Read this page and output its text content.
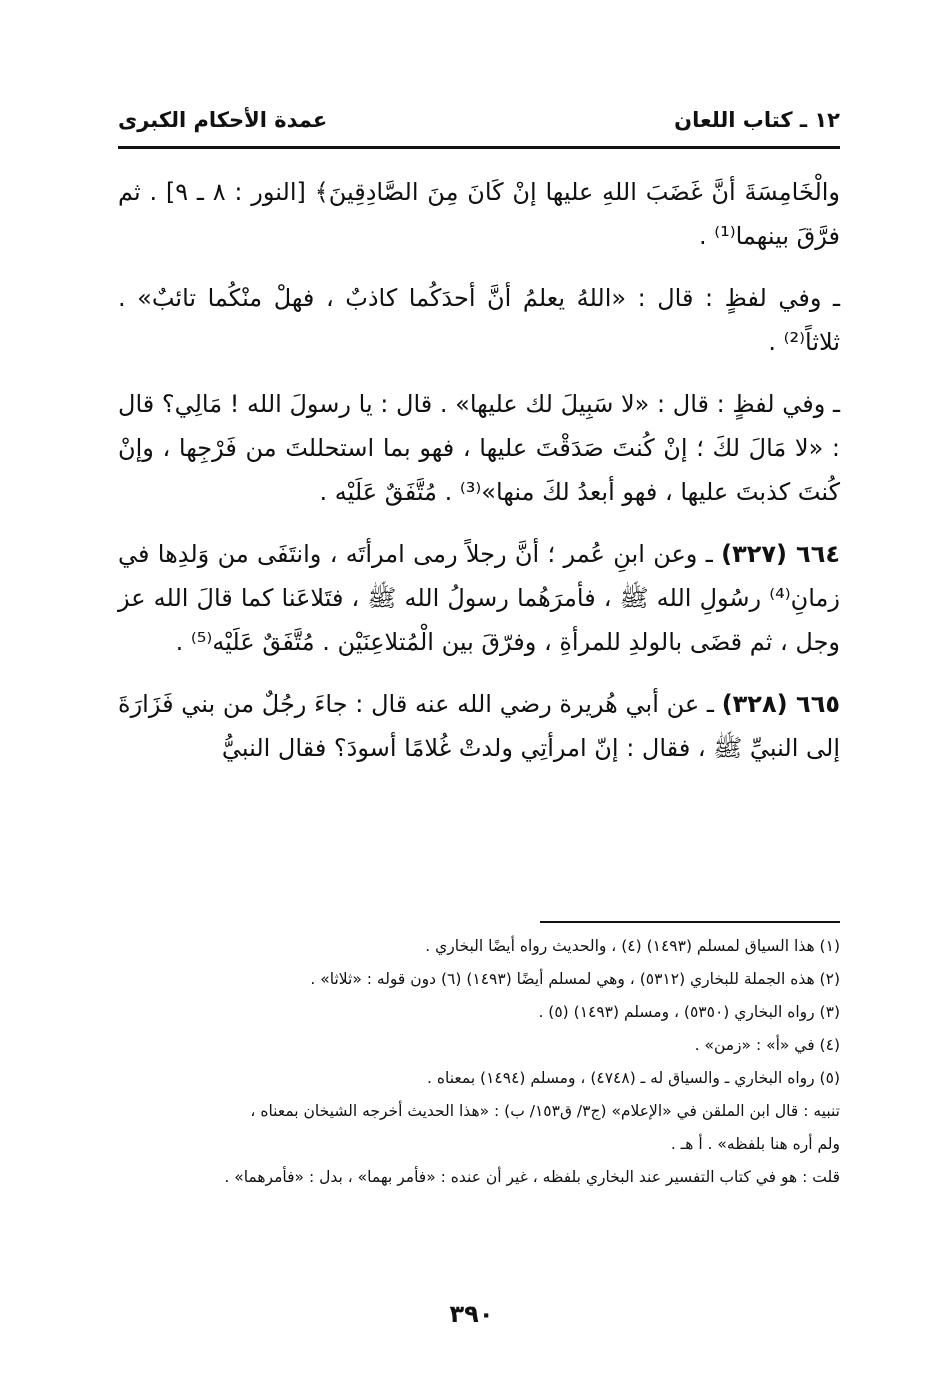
١٢ ـ كتاب اللعان
عمدة الأحكام الكبرى

والْخَامِسَةَ أنَّ غَضَبَ اللهِ عليها إنْ كَانَ مِنَ الصَّادِقِينَ﴾ [النور : ٨ ـ ٩] . ثم فرَّقَ بينهما⁽¹⁾ .

ـ وفي لفظٍ : قال : «اللهُ يعلمُ أنَّ أحدَكُما كاذبٌ ، فهلْ منْكُما تائبٌ» . ثلاثاً⁽²⁾ .

ـ وفي لفظٍ : قال : «لا سَبِيلَ لك عليها» . قال : يا رسولَ الله ! مَالِي؟ قال : «لا مَالَ لكَ ؛ إنْ كُنتَ صَدَقْتَ عليها ، فهو بما استحللتَ من فَرْجِها ، وإنْ كُنتَ كذبتَ عليها ، فهو أبعدُ لكَ منها»⁽³⁾ . مُتَّفَقٌ عَلَيْه .

٦٦٤ (٣٢٧) ـ وعن ابنِ عُمر ؛ أنَّ رجلاً رمى امرأتَه ، وانتَفَى من وَلدِها في زمانِ⁽⁴⁾ رسُولِ الله ﷺ ، فأمرَهُما رسولُ الله ﷺ ، فتَلاعَنا كما قالَ الله عز وجل ، ثم قضَى بالولدِ للمرأةِ ، وفرّقَ بين الْمُتلاعِنَيْن . مُتَّفَقٌ عَلَيْه⁽⁵⁾ .

٦٦٥ (٣٢٨) ـ عن أبي هُريرة رضي الله عنه قال : جاءَ رجُلٌ من بني فَزَارَةَ إلى النبيِّ ﷺ ، فقال : إنّ امرأتِي ولدتْ غُلامًا أسودَ؟ فقال النبيُّ

(١) هذا السياق لمسلم (١٤٩٣) (٤) ، والحديث رواه أيضًا البخاري .
(٢) هذه الجملة للبخاري (٥٣١٢) ، وهي لمسلم أيضًا (١٤٩٣) (٦) دون قوله : «ثلاثا» .
(٣) رواه البخاري (٥٣٥٠) ، ومسلم (١٤٩٣) (٥) .
(٤) في «أ» : «زمن» .
(٥) رواه البخاري ـ والسياق له ـ (٤٧٤٨) ، ومسلم (١٤٩٤) بمعناه .
تنبيه : قال ابن الملقن في «الإعلام» (ج٣/ ق١٥٣/ ب) : «هذا الحديث أخرجه الشيخان بمعناه ،
ولم أره هنا بلفظه» . أ هـ .
قلت : هو في كتاب التفسير عند البخاري بلفظه ، غير أن عنده : «فأمر بهما» ، بدل : «فأمرهما» .
٣٩٠
